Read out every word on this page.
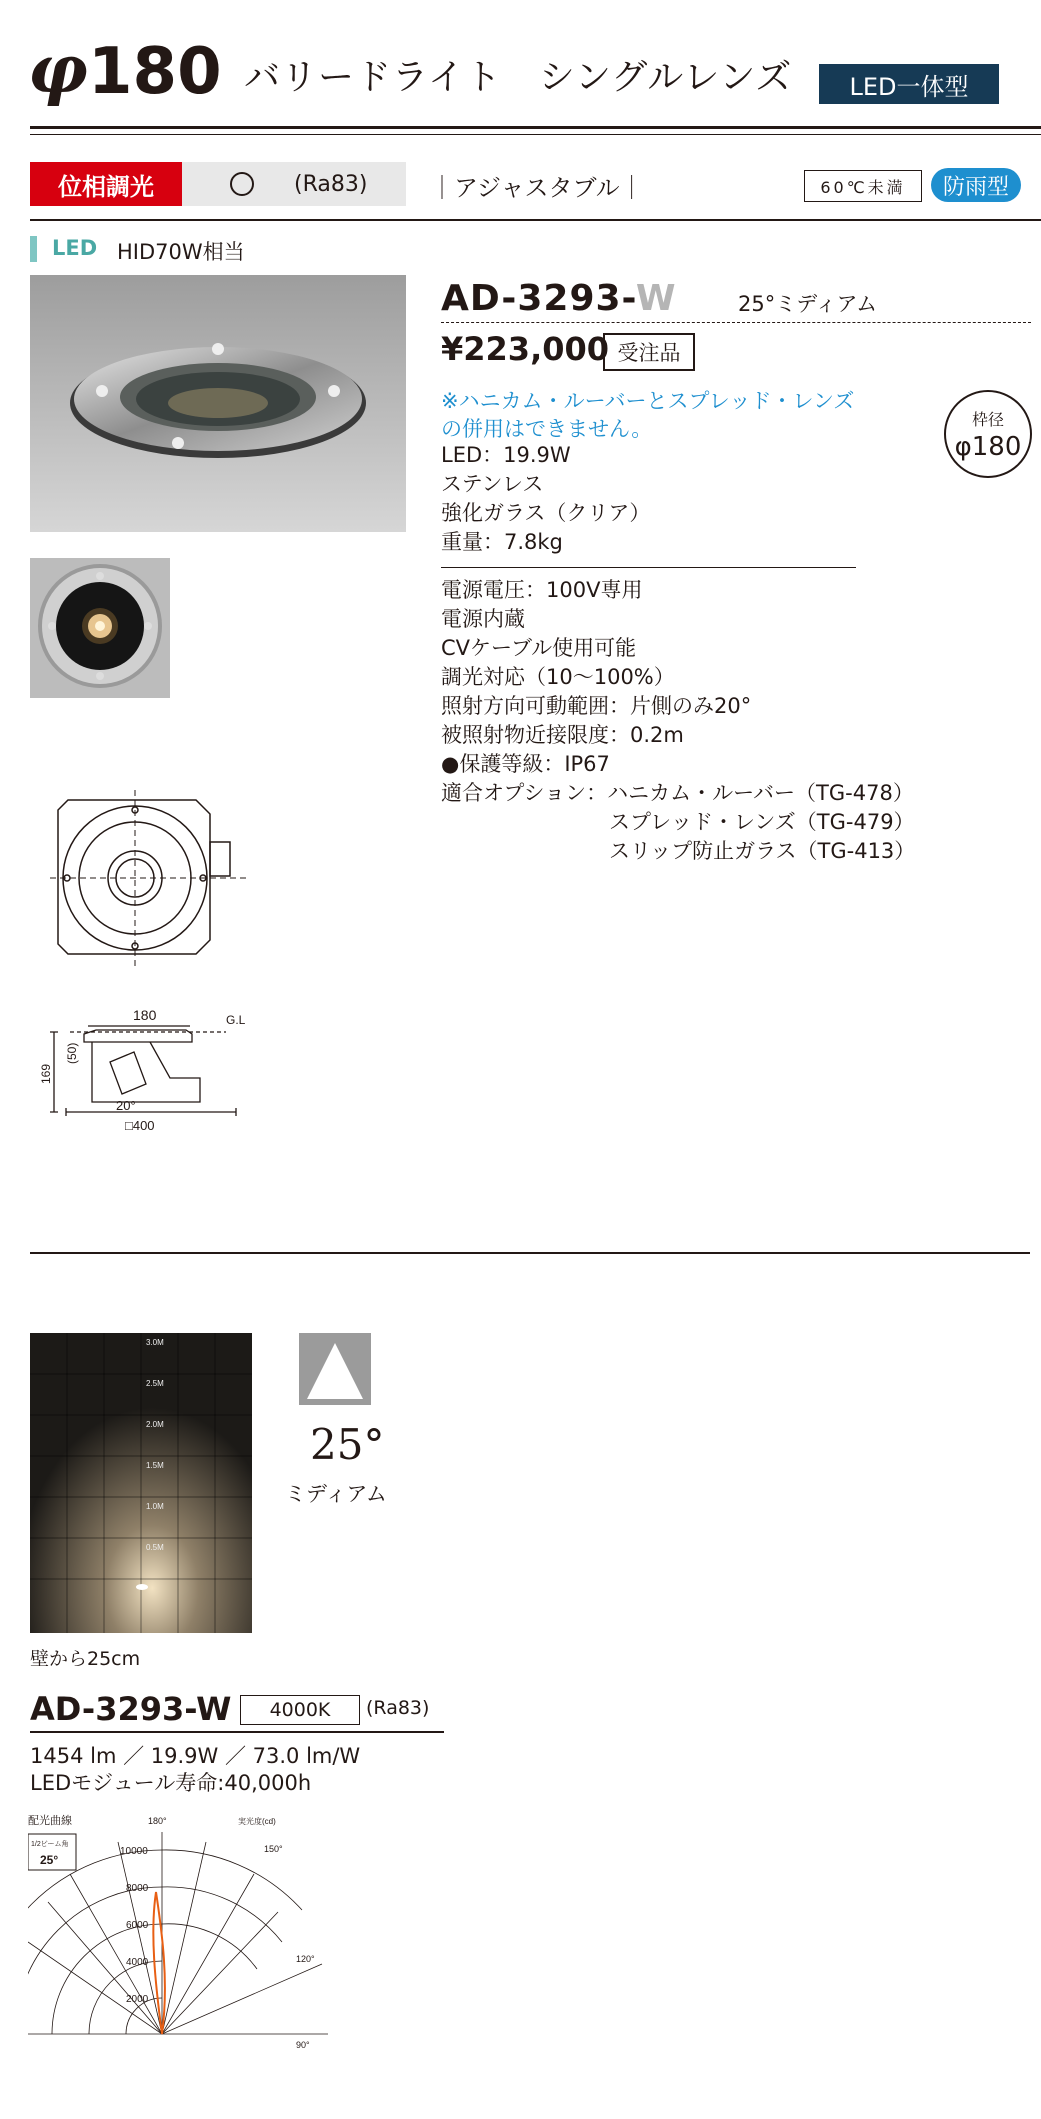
φ 180 バリードライト　シングルレンズ	LED一体型
位相調光	(Ra83)	｜アジャスタブル｜	60℃未満	防雨型
LED HID70W相当
180	G.L
169
(50)
20°
□400
AD-3293-W	25°ミディアム
¥223,000 受注品
※ハニカム・ルーバーとスプレッド・レンズの併用はできません。
LED：19.9W
ステンレス
強化ガラス（クリア）
重量：7.8kg
電源電圧：100V専用
電源内蔵
CVケーブル使用可能
調光対応（10～100%）
照射方向可動範囲：片側のみ20°
被照射物近接限度：0.2m
●保護等級：IP67
適合オプション：ハニカム・ルーバー（TG-478）
　　　　　　　　スプレッド・レンズ（TG-479）
　　　　　　　　スリップ防止ガラス（TG-413）
枠径
φ180
3.0M
2.5M
2.0M
1.5M
1.0M
0.5M
25°
ミディアム
壁から25cm
AD-3293-W	4000K	(Ra83)
1454 lm ／ 19.9W ／ 73.0 lm/W
LEDモジュール寿命:40,000h
配光曲線
1/2ビーム角
25°
実光度(cd)
180°
150°
120°
90°
10000
8000
6000
4000
2000
